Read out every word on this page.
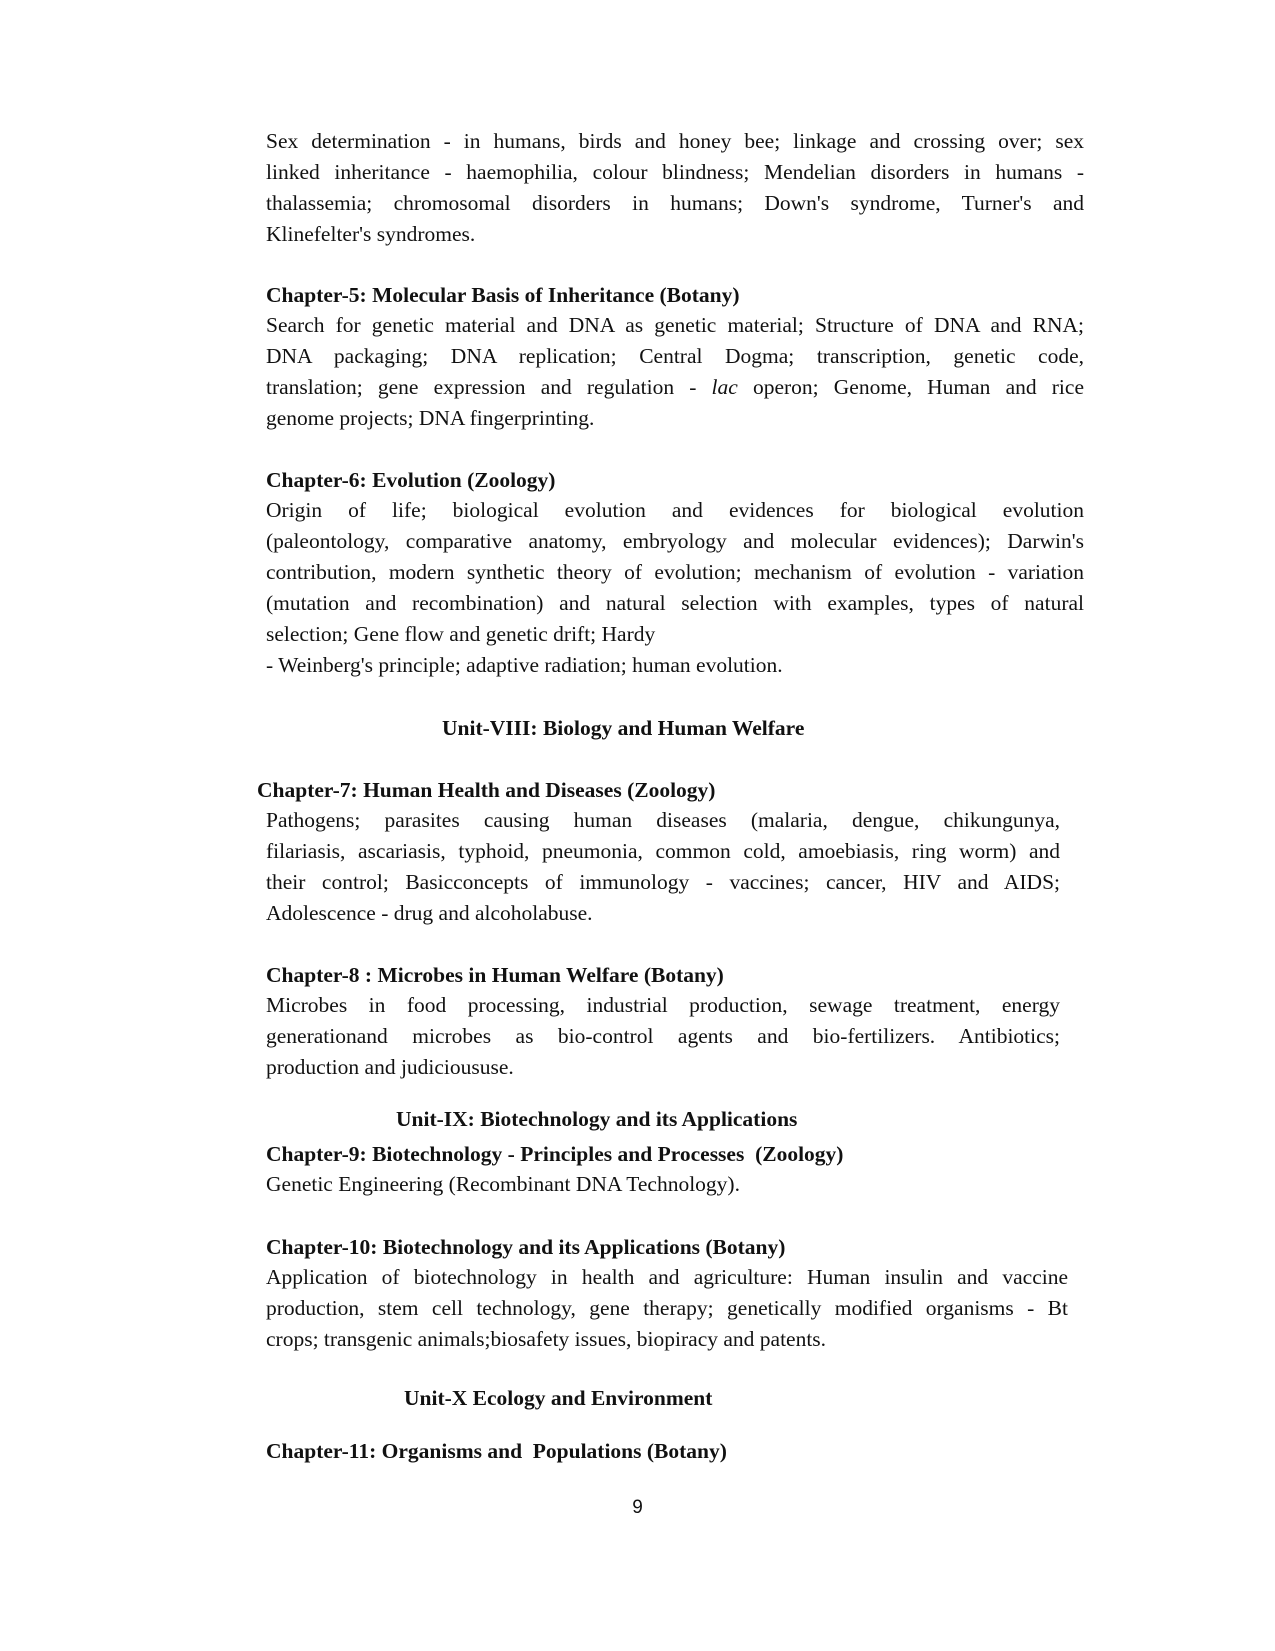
Sex determination - in humans, birds and honey bee; linkage and crossing over; sex
linked inheritance - haemophilia, colour blindness; Mendelian disorders in humans -
thalassemia; chromosomal disorders in humans; Down's syndrome, Turner's and
Klinefelter's syndromes.
Chapter-5: Molecular Basis of Inheritance (Botany)
Search for genetic material and DNA as genetic material; Structure of DNA and RNA;
DNA packaging; DNA replication; Central Dogma; transcription, genetic code,
translation; gene expression and regulation - lac operon; Genome, Human and rice
genome projects; DNA fingerprinting.
Chapter-6: Evolution (Zoology)
Origin of life; biological evolution and evidences for biological evolution
(paleontology, comparative anatomy, embryology and molecular evidences); Darwin's
contribution, modern synthetic theory of evolution; mechanism of evolution - variation
(mutation and recombination) and natural selection with examples, types of natural
selection; Gene flow and genetic drift; Hardy
- Weinberg's principle; adaptive radiation; human evolution.
Unit-VIII: Biology and Human Welfare
Chapter-7: Human Health and Diseases (Zoology)
Pathogens; parasites causing human diseases (malaria, dengue, chikungunya,
filariasis, ascariasis, typhoid, pneumonia, common cold, amoebiasis, ring worm) and
their control; Basicconcepts of immunology - vaccines; cancer, HIV and AIDS;
Adolescence - drug and alcoholabuse.
Chapter-8 : Microbes in Human Welfare (Botany)
Microbes in food processing, industrial production, sewage treatment, energy
generationand microbes as bio-control agents and bio-fertilizers. Antibiotics;
production and judicioususe.
Unit-IX: Biotechnology and its Applications
Chapter-9: Biotechnology - Principles and Processes  (Zoology)
Genetic Engineering (Recombinant DNA Technology).
Chapter-10: Biotechnology and its Applications (Botany)
Application of biotechnology in health and agriculture: Human insulin and vaccine
production, stem cell technology, gene therapy; genetically modified organisms - Bt
crops; transgenic animals;biosafety issues, biopiracy and patents.
Unit-X Ecology and Environment
Chapter-11: Organisms and  Populations (Botany)
9
